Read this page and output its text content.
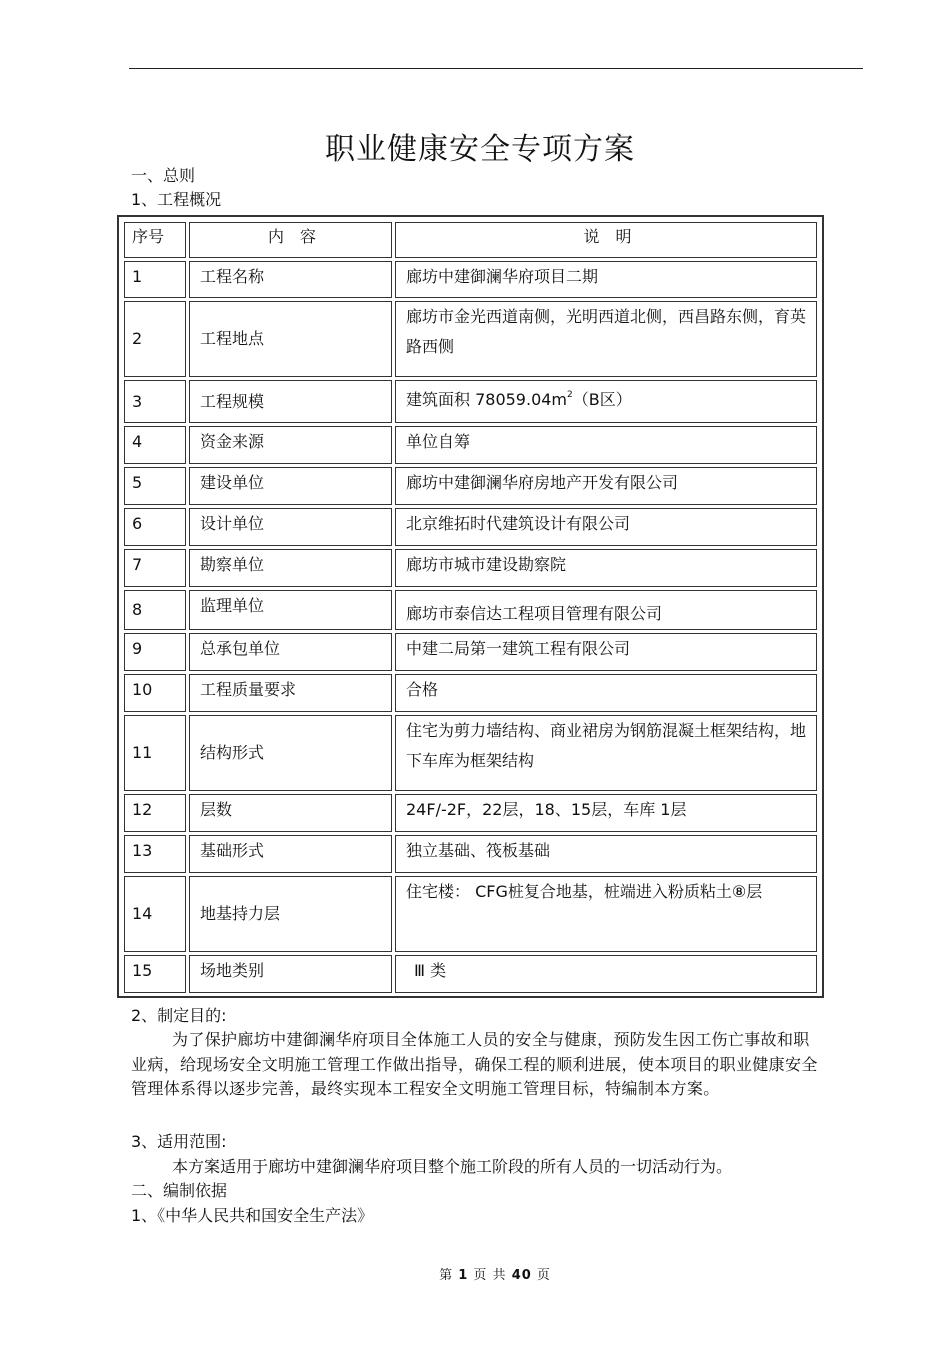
职业健康安全专项方案
一、总则
1、工程概况
序号	内　容	说　明
1	工程名称	廊坊中建御澜华府项目二期
2	工程地点	廊坊市金光西道南侧，光明西道北侧，西昌路东侧，育英路西侧
3	工程规模	建筑面积 $78059.04m^2(B$区）
4	资金来源	单位自筹
5	建设单位	廊坊中建御澜华府房地产开发有限公司
6	设计单位	北京维拓时代建筑设计有限公司
7	勘察单位	廊坊市城市建设勘察院
8	监理单位	廊坊市泰信达工程项目管理有限公司
9	总承包单位	中建二局第一建筑工程有限公司
10	工程质量要求	合格
11	结构形式	住宅为剪力墙结构、商业裙房为钢筋混凝土框架结构，地下车库为框架结构
12	层数	24F/-2F，22层，18、15层，车库 1层
13	基础形式	独立基础、筏板基础
14	地基持力层	住宅楼： CFG桩复合地基，桩端进入粉质粘土⑧层
15	场地类别	Ⅲ 类
2、制定目的:
为了保护廊坊中建御澜华府项目全体施工人员的安全与健康，预防发生因工伤亡事故和职业病，给现场安全文明施工管理工作做出指导，确保工程的顺利进展，使本项目的职业健康安全管理体系得以逐步完善，最终实现本工程安全文明施工管理目标，特编制本方案。
3、适用范围:
本方案适用于廊坊中建御澜华府项目整个施工阶段的所有人员的一切活动行为。
二、编制依据
1、《中华人民共和国安全生产法》
第 1 页 共 40 页
